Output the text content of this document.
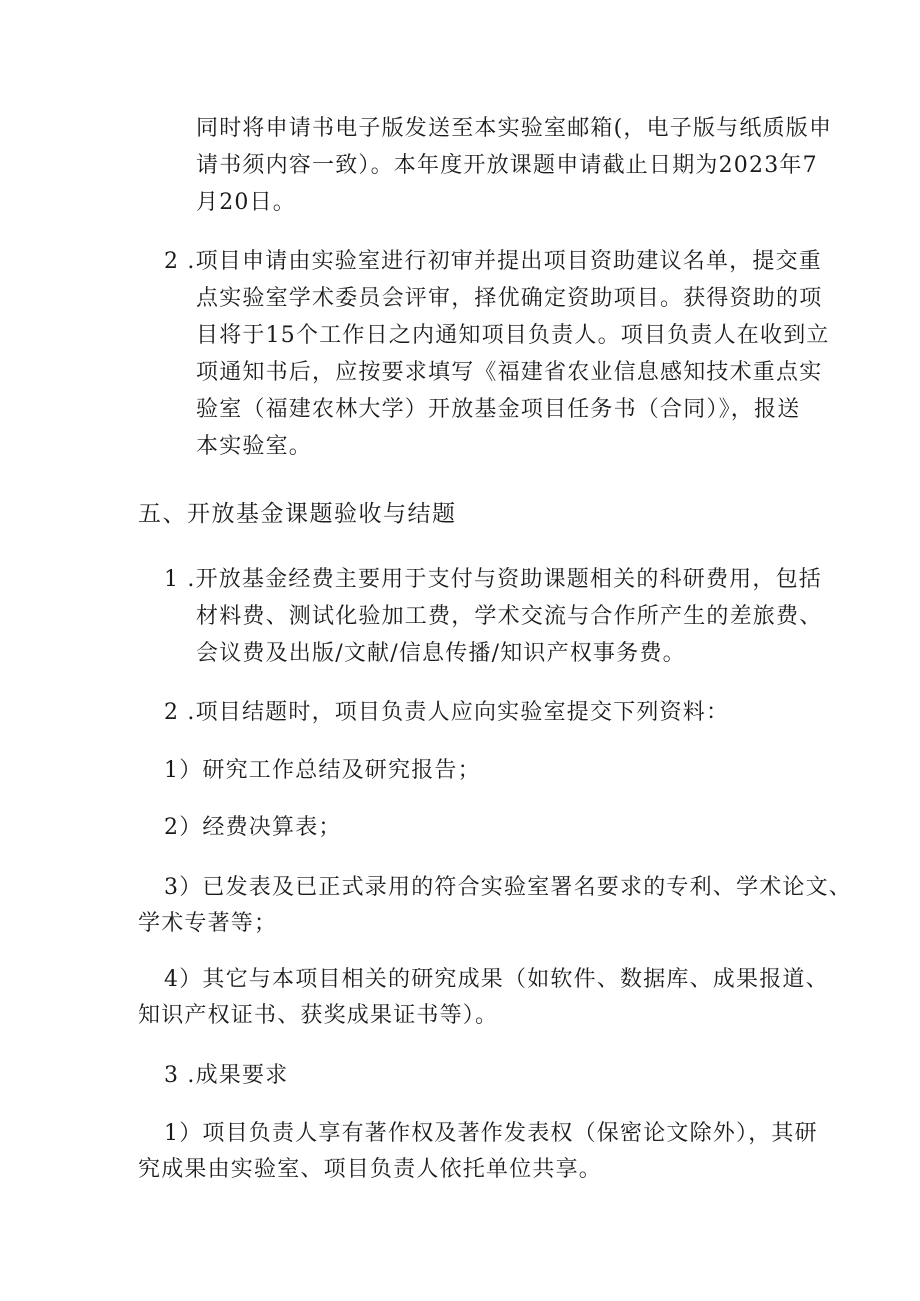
同时将申请书电子版发送至本实验室邮箱(，电子版与纸质版申
请书须内容一致）。本年度开放课题申请截止日期为2023年7
月20日。
2 .项目申请由实验室进行初审并提出项目资助建议名单，提交重
点实验室学术委员会评审，择优确定资助项目。获得资助的项
目将于15个工作日之内通知项目负责人。项目负责人在收到立
项通知书后，应按要求填写《福建省农业信息感知技术重点实
验室（福建农林大学）开放基金项目任务书（合同）》，报送
本实验室。
五、开放基金课题验收与结题
1 .开放基金经费主要用于支付与资助课题相关的科研费用，包括
材料费、测试化验加工费，学术交流与合作所产生的差旅费、
会议费及出版/文献/信息传播/知识产权事务费。
2 .项目结题时，项目负责人应向实验室提交下列资料：
1）研究工作总结及研究报告；
2）经费决算表；
3）已发表及已正式录用的符合实验室署名要求的专利、学术论文、
学术专著等；
4）其它与本项目相关的研究成果（如软件、数据库、成果报道、
知识产权证书、获奖成果证书等）。
3 .成果要求
1）项目负责人享有著作权及著作发表权（保密论文除外），其研
究成果由实验室、项目负责人依托单位共享。
